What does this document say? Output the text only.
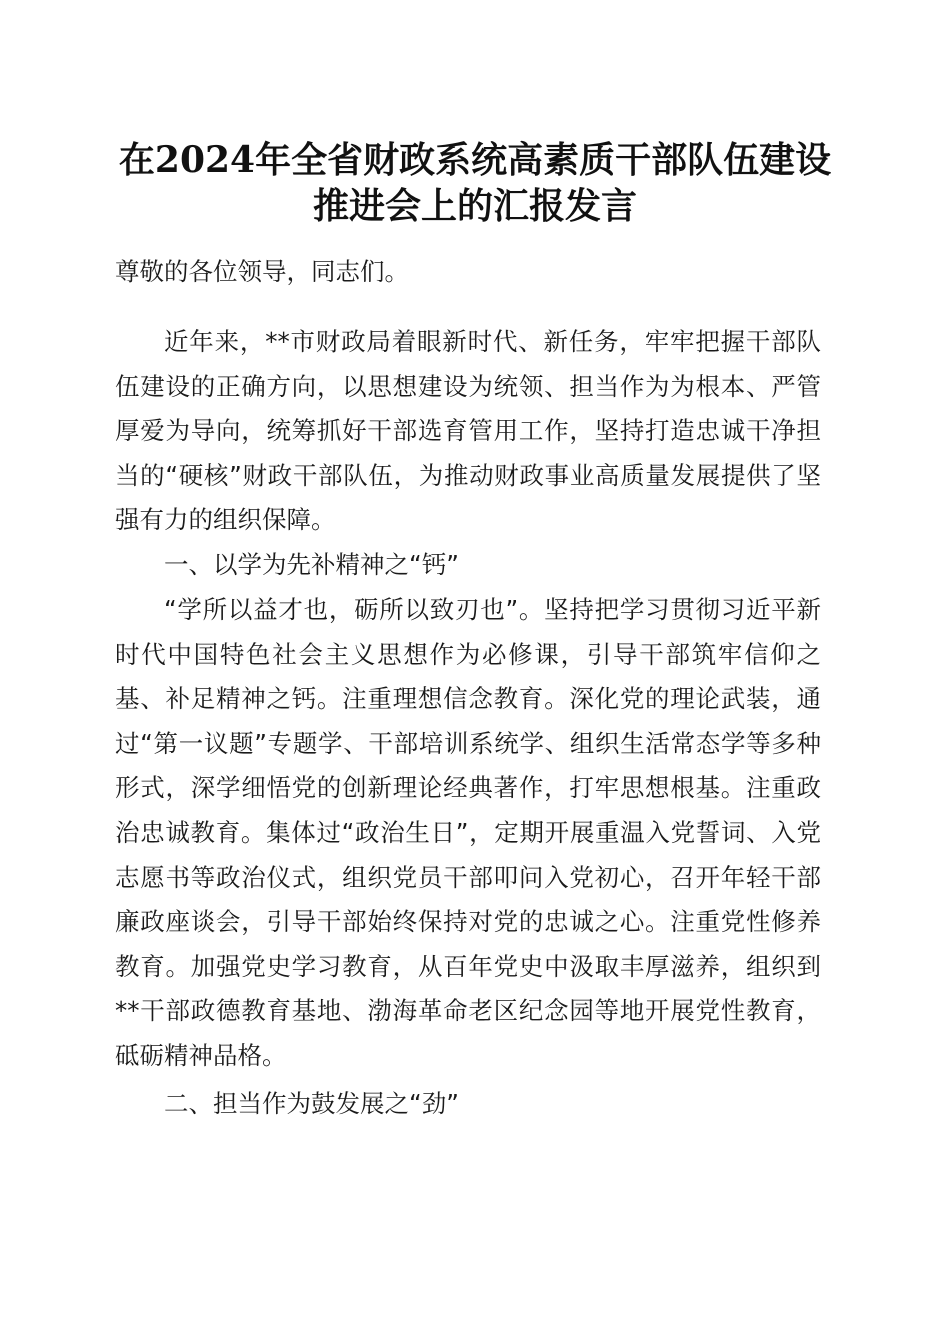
在2024年全省财政系统高素质干部队伍建设
推进会上的汇报发言

尊敬的各位领导，同志们。

近年来，**市财政局着眼新时代、新任务，牢牢把握干部队伍建设的正确方向，以思想建设为统领、担当作为为根本、严管厚爱为导向，统筹抓好干部选育管用工作，坚持打造忠诚干净担当的“硬核”财政干部队伍，为推动财政事业高质量发展提供了坚强有力的组织保障。

一、以学为先补精神之“钙”

“学所以益才也，砺所以致刃也”。坚持把学习贯彻习近平新时代中国特色社会主义思想作为必修课，引导干部筑牢信仰之基、补足精神之钙。注重理想信念教育。深化党的理论武装，通过“第一议题”专题学、干部培训系统学、组织生活常态学等多种形式，深学细悟党的创新理论经典著作，打牢思想根基。注重政治忠诚教育。集体过“政治生日”，定期开展重温入党誓词、入党志愿书等政治仪式，组织党员干部叩问入党初心，召开年轻干部廉政座谈会，引导干部始终保持对党的忠诚之心。注重党性修养教育。加强党史学习教育，从百年党史中汲取丰厚滋养，组织到**干部政德教育基地、渤海革命老区纪念园等地开展党性教育，砥砺精神品格。

二、担当作为鼓发展之“劲”
